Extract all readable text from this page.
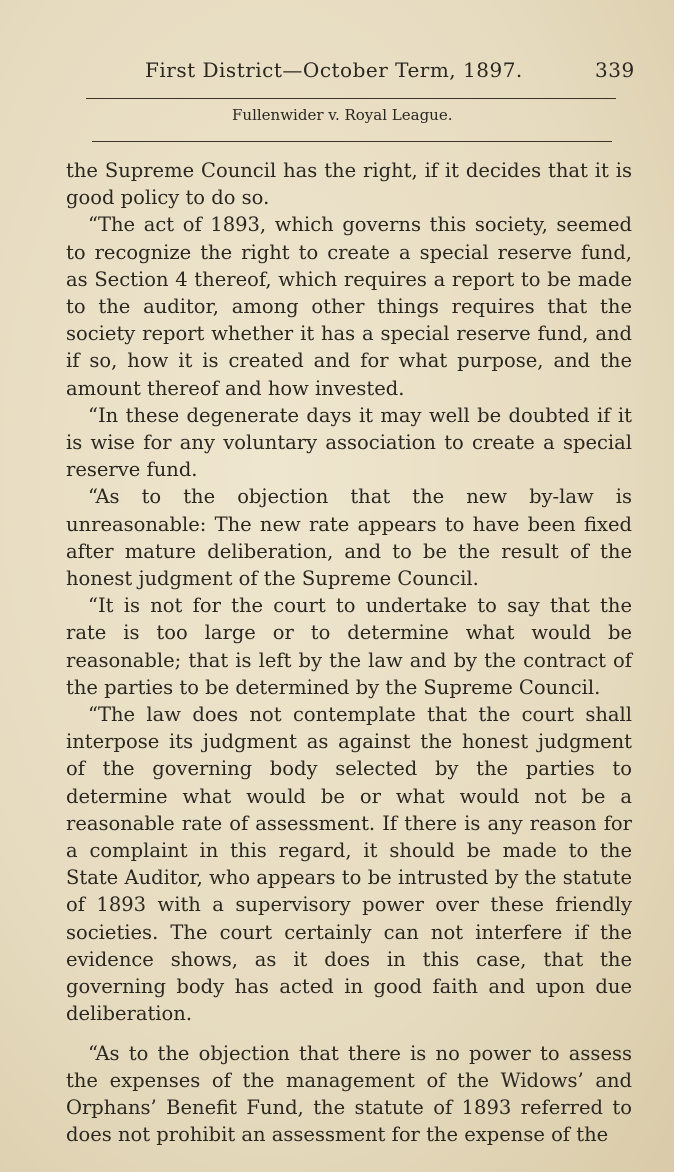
First District—October Term, 1897.	339
Fullenwider v. Royal League.

the Supreme Council has the right, if it decides that it is good policy to do so.

“The act of 1893, which governs this society, seemed to recognize the right to create a special reserve fund, as Section 4 thereof, which requires a report to be made to the auditor, among other things requires that the society report whether it has a special reserve fund, and if so, how it is created and for what purpose, and the amount thereof and how invested.

“In these degenerate days it may well be doubted if it is wise for any voluntary association to create a special reserve fund.

“As to the objection that the new by-law is unreasonable: The new rate appears to have been fixed after mature deliberation, and to be the result of the honest judgment of the Supreme Council.

“It is not for the court to undertake to say that the rate is too large or to determine what would be reasonable; that is left by the law and by the contract of the parties to be determined by the Supreme Council.

“The law does not contemplate that the court shall interpose its judgment as against the honest judgment of the governing body selected by the parties to determine what would be or what would not be a reasonable rate of assessment. If there is any reason for a complaint in this regard, it should be made to the State Auditor, who appears to be intrusted by the statute of 1893 with a supervisory power over these friendly societies. The court certainly can not interfere if the evidence shows, as it does in this case, that the governing body has acted in good faith and upon due deliberation.

“As to the objection that there is no power to assess the expenses of the management of the Widows’ and Orphans’ Benefit Fund, the statute of 1893 referred to does not prohibit an assessment for the expense of the
